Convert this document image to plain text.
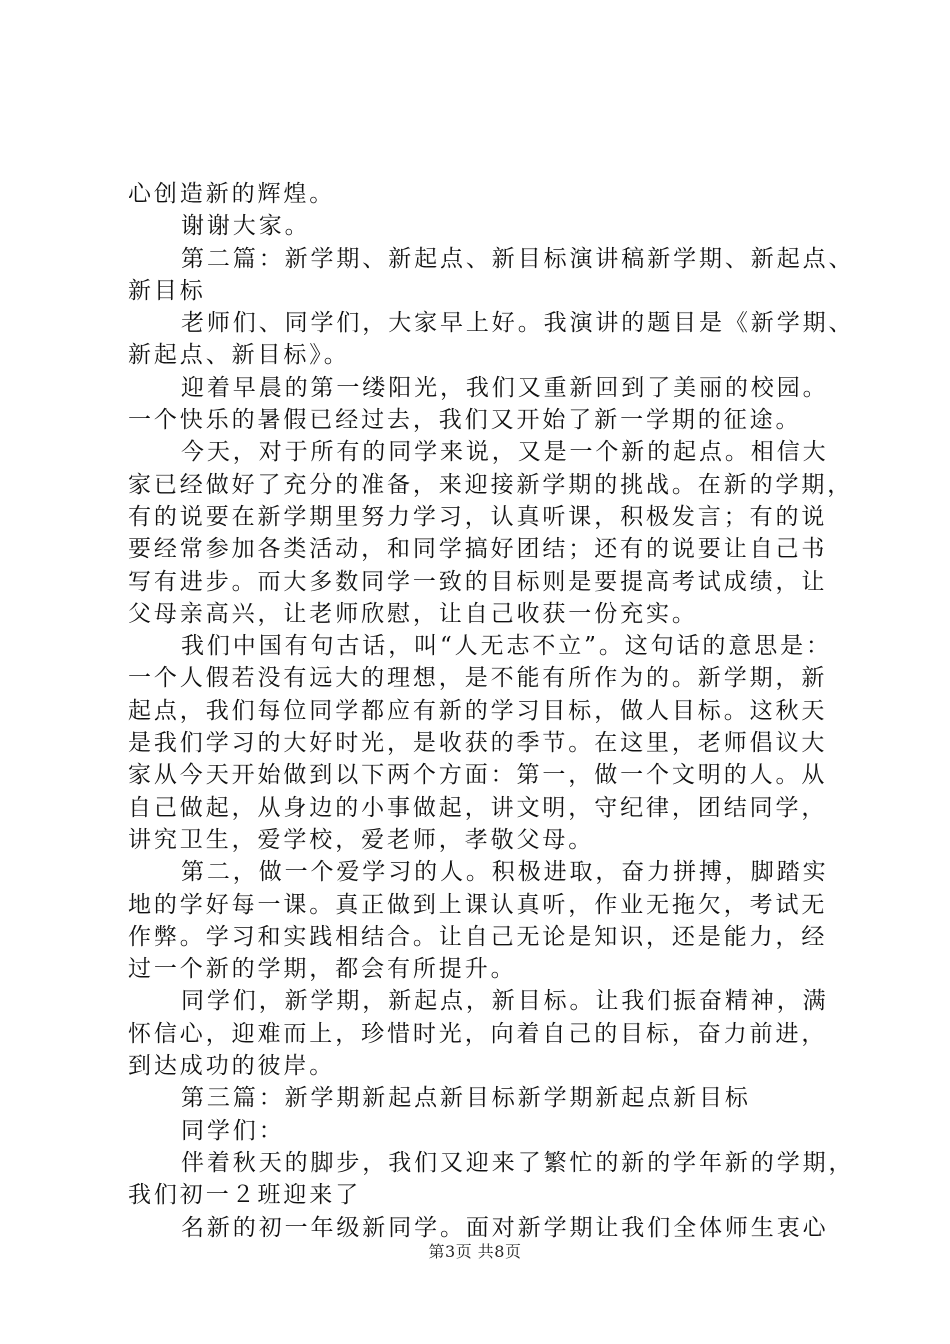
心创造新的辉煌。
谢谢大家。
第二篇：新学期、新起点、新目标演讲稿新学期、新起点、
新目标
老师们、同学们，大家早上好。我演讲的题目是《新学期、
新起点、新目标》。
迎着早晨的第一缕阳光，我们又重新回到了美丽的校园。
一个快乐的暑假已经过去，我们又开始了新一学期的征途。
今天，对于所有的同学来说，又是一个新的起点。相信大
家已经做好了充分的准备，来迎接新学期的挑战。在新的学期，
有的说要在新学期里努力学习，认真听课，积极发言；有的说
要经常参加各类活动，和同学搞好团结；还有的说要让自己书
写有进步。而大多数同学一致的目标则是要提高考试成绩，让
父母亲高兴，让老师欣慰，让自己收获一份充实。
我们中国有句古话，叫“人无志不立”。这句话的意思是：
一个人假若没有远大的理想，是不能有所作为的。新学期，新
起点，我们每位同学都应有新的学习目标，做人目标。这秋天
是我们学习的大好时光，是收获的季节。在这里，老师倡议大
家从今天开始做到以下两个方面：第一，做一个文明的人。从
自己做起，从身边的小事做起，讲文明，守纪律，团结同学，
讲究卫生，爱学校，爱老师，孝敬父母。
第二，做一个爱学习的人。积极进取，奋力拼搏，脚踏实
地的学好每一课。真正做到上课认真听，作业无拖欠，考试无
作弊。学习和实践相结合。让自己无论是知识，还是能力，经
过一个新的学期，都会有所提升。
同学们，新学期，新起点，新目标。让我们振奋精神，满
怀信心，迎难而上，珍惜时光，向着自己的目标，奋力前进，
到达成功的彼岸。
第三篇：新学期新起点新目标新学期新起点新目标
同学们：
伴着秋天的脚步，我们又迎来了繁忙的新的学年新的学期，
我们初一２班迎来了
名新的初一年级新同学。面对新学期让我们全体师生衷心
第3页 共8页
